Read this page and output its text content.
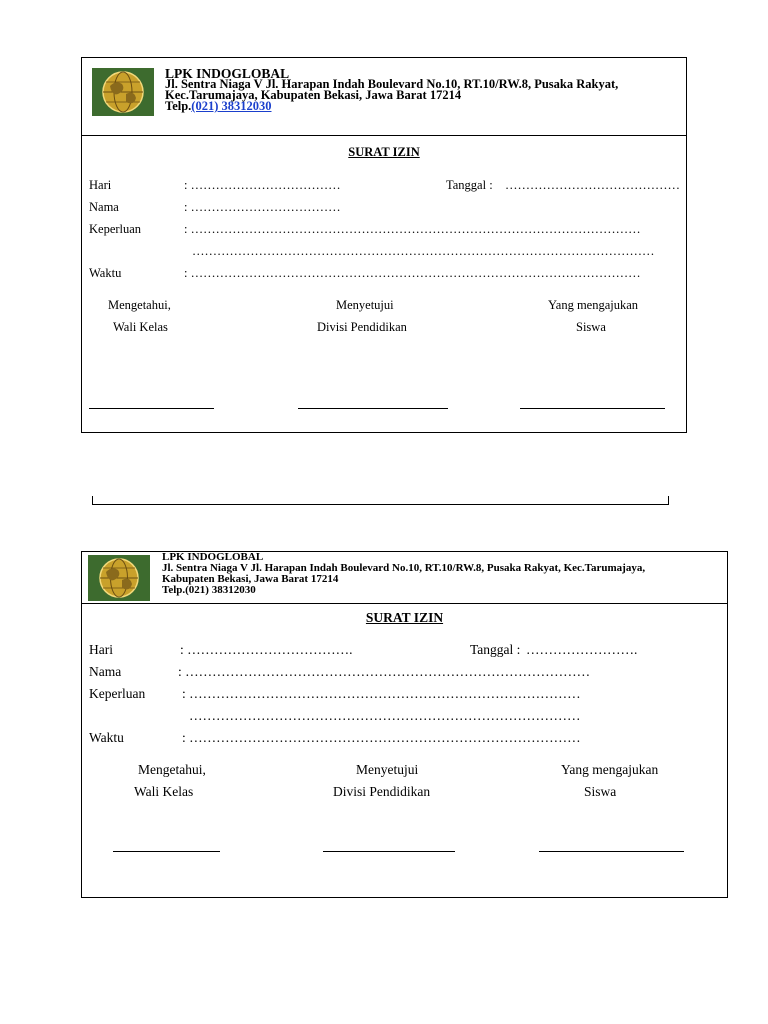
LPK INDOGLOBAL
Jl. Sentra Niaga V Jl. Harapan Indah Boulevard No.10, RT.10/RW.8, Pusaka Rakyat,
Kec.Tarumajaya, Kabupaten Bekasi, Jawa Barat 17214
Telp.(021) 38312030
SURAT IZIN
Hari	: ………………………………	Tanggal : ……………………………………
Nama	: ………………………………
Keperluan	: ………………………………………………………………………………………………
…………………………………………………………………………………………………
Waktu	: ………………………………………………………………………………………………
Mengetahui,
Wali Kelas
Menyetujui
Divisi Pendidikan
Yang mengajukan
Siswa
LPK INDOGLOBAL
Jl. Sentra Niaga V Jl. Harapan Indah Boulevard No.10, RT.10/RW.8, Pusaka Rakyat, Kec.Tarumajaya,
Kabupaten Bekasi, Jawa Barat 17214
Telp.(021) 38312030
SURAT IZIN
Hari	: ……………………………….	Tanggal : …………………….
Nama	: ………………………………………………………………………………
Keperluan	: ……………………………………………………………………………
……………………………………………………………………………
Waktu	: ……………………………………………………………………………
Mengetahui,
Wali Kelas
Menyetujui
Divisi Pendidikan
Yang mengajukan
Siswa
